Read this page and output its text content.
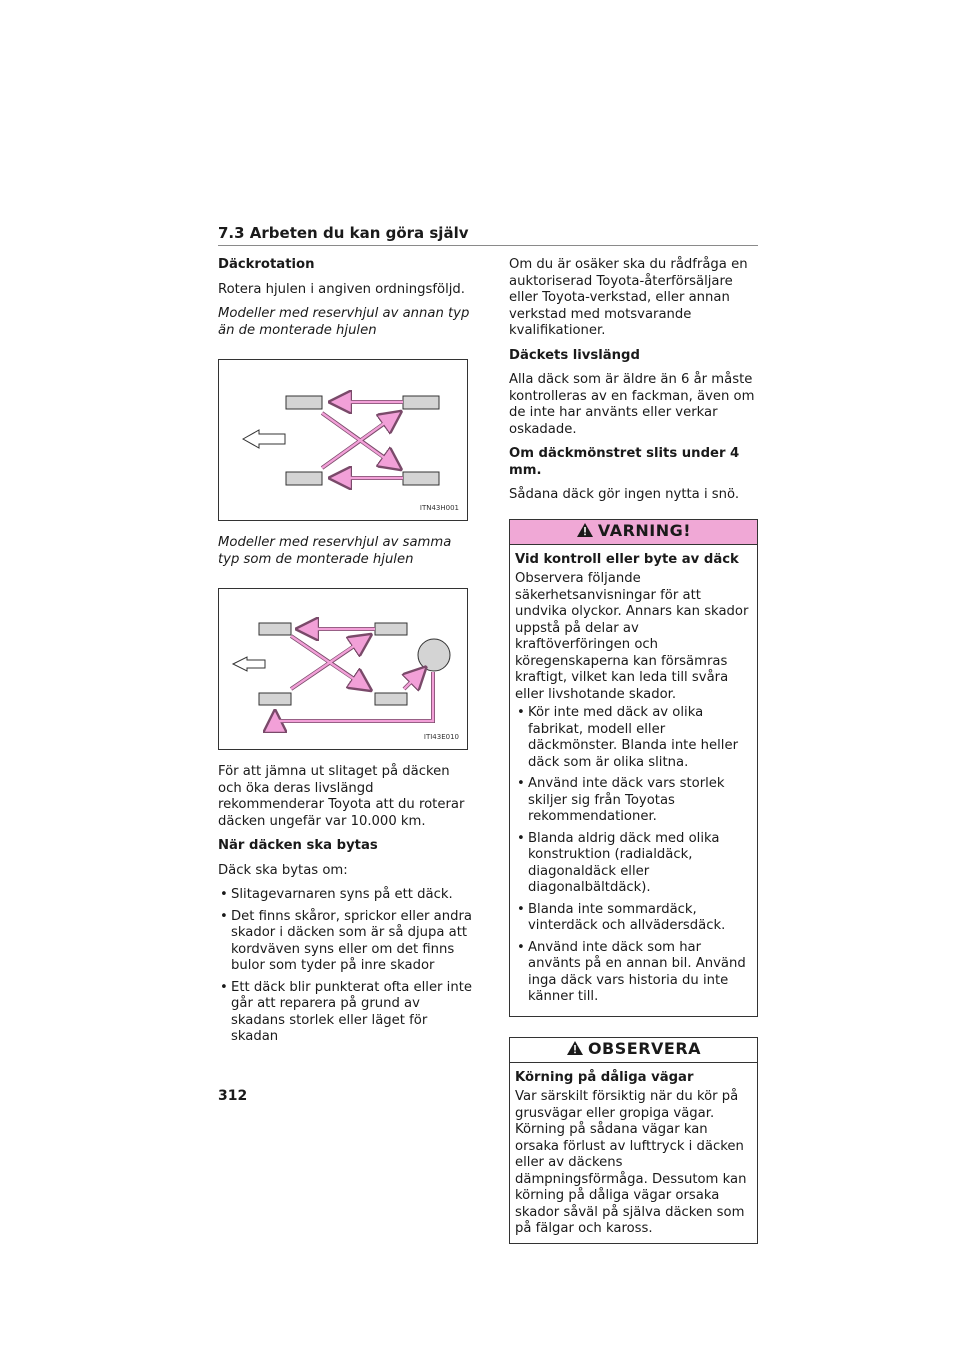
7.3 Arbeten du kan göra själv

Däckrotation

Rotera hjulen i angiven ordningsföljd.

Modeller med reservhjul av annan typ än de monterade hjulen

ITN43H001

Modeller med reservhjul av samma typ som de monterade hjulen

ITI43E010

För att jämna ut slitaget på däcken och öka deras livslängd rekommenderar Toyota att du roterar däcken ungefär var 10.000 km.

När däcken ska bytas

Däck ska bytas om:

• Slitagevarnaren syns på ett däck.
• Det finns skåror, sprickor eller andra skador i däcken som är så djupa att kordväven syns eller om det finns bulor som tyder på inre skador
• Ett däck blir punkterat ofta eller inte går att reparera på grund av skadans storlek eller läget för skadan

Om du är osäker ska du rådfråga en auktoriserad Toyota-återförsäljare eller Toyota-verkstad, eller annan verkstad med motsvarande kvalifikationer.

Däckets livslängd

Alla däck som är äldre än 6 år måste kontrolleras av en fackman, även om de inte har använts eller verkar oskadade.

Om däckmönstret slits under 4 mm.

Sådana däck gör ingen nytta i snö.

VARNING!

Vid kontroll eller byte av däck

Observera följande säkerhetsanvisningar för att undvika olyckor. Annars kan skador uppstå på delar av kraftöverföringen och köregenskaperna kan försämras kraftigt, vilket kan leda till svåra eller livshotande skador.

• Kör inte med däck av olika fabrikat, modell eller däckmönster. Blanda inte heller däck som är olika slitna.
• Använd inte däck vars storlek skiljer sig från Toyotas rekommendationer.
• Blanda aldrig däck med olika konstruktion (radialdäck, diagonaldäck eller diagonalbältdäck).
• Blanda inte sommardäck, vinterdäck och allvädersdäck.
• Använd inte däck som har använts på en annan bil. Använd inga däck vars historia du inte känner till.
OBSERVERA

Körning på dåliga vägar

Var särskilt försiktig när du kör på grusvägar eller gropiga vägar. Körning på sådana vägar kan orsaka förlust av lufttryck i däcken eller av däckens dämpningsförmåga. Dessutom kan körning på dåliga vägar orsaka skador såväl på själva däcken som på fälgar och kaross.

312
